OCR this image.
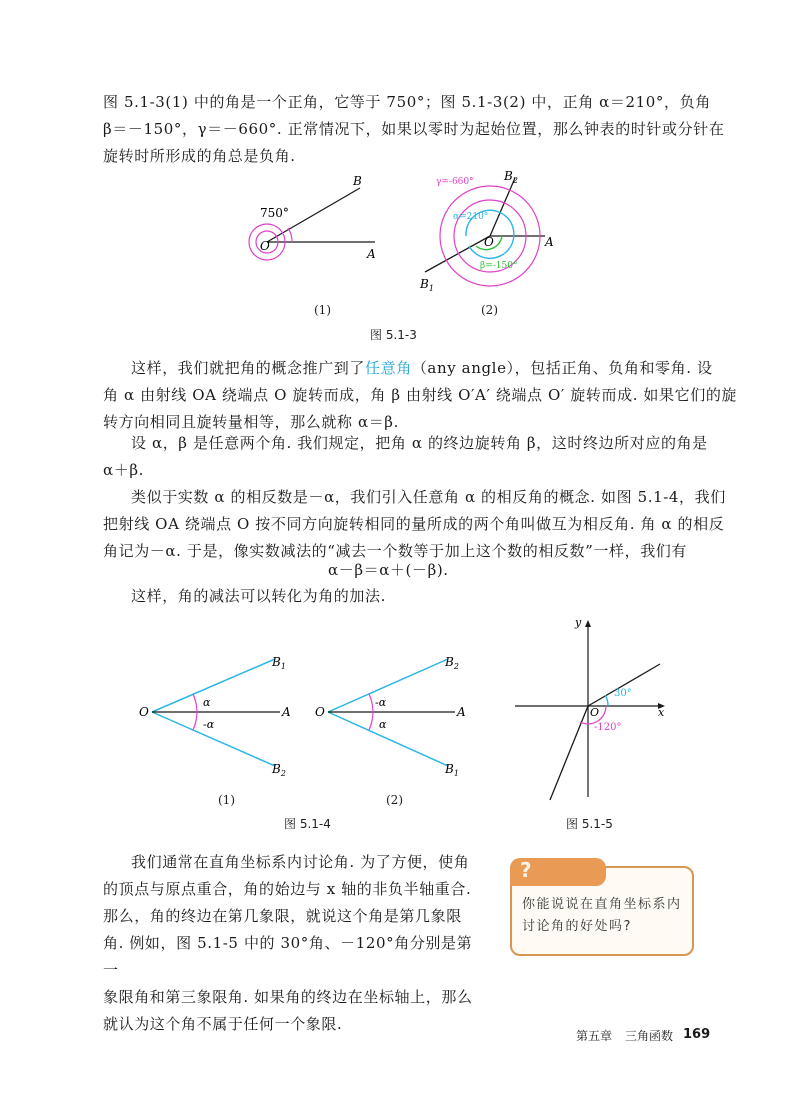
图 5.1-3(1) 中的角是一个正角，它等于 750°；图 5.1-3(2) 中，正角 α＝210°，负角
β＝－150°，γ＝－660°. 正常情况下，如果以零时为起始位置，那么钟表的时针或分针在
旋转时所形成的角总是负角.
B
O
A
750°
$B_2$
$B_1$
O	A
γ=-660°
α=210°
β=-150°
(1)	(2)
图 5.1-3
这样，我们就把角的概念推广到了任意角（any angle），包括正角、负角和零角. 设
角 α 由射线 OA 绕端点 O 旋转而成，角 β 由射线 O′A′ 绕端点 O′ 旋转而成. 如果它们的旋
转方向相同且旋转量相等，那么就称 α＝β.
设 α，β 是任意两个角. 我们规定，把角 α 的终边旋转角 β，这时终边所对应的角是
α＋β.
类似于实数 α 的相反数是－α，我们引入任意角 α 的相反角的概念. 如图 5.1-4，我们
把射线 OA 绕端点 O 按不同方向旋转相同的量所成的两个角叫做互为相反角. 角 α 的相反
角记为－α. 于是，像实数减法的“减去一个数等于加上这个数的相反数”一样，我们有
α－β＝α＋(－β).
这样，角的减法可以转化为角的加法.
O	A
$B_1$
$B_2$
α
-α
O	A
$B_2$
$B_1$
-α
α
(1)	(2)
图 5.1-4
y
x
O
30°
-120°
图 5.1-5
我们通常在直角坐标系内讨论角. 为了方便，使角
的顶点与原点重合，角的始边与 x 轴的非负半轴重合.
那么，角的终边在第几象限，就说这个角是第几象限
角. 例如，图 5.1-5 中的 30°角、－120°角分别是第一
象限角和第三象限角. 如果角的终边在坐标轴上，那么
就认为这个角不属于任何一个象限.
?
你能说说在直角坐标系内讨论角的好处吗?
第五章 三角函数 169
